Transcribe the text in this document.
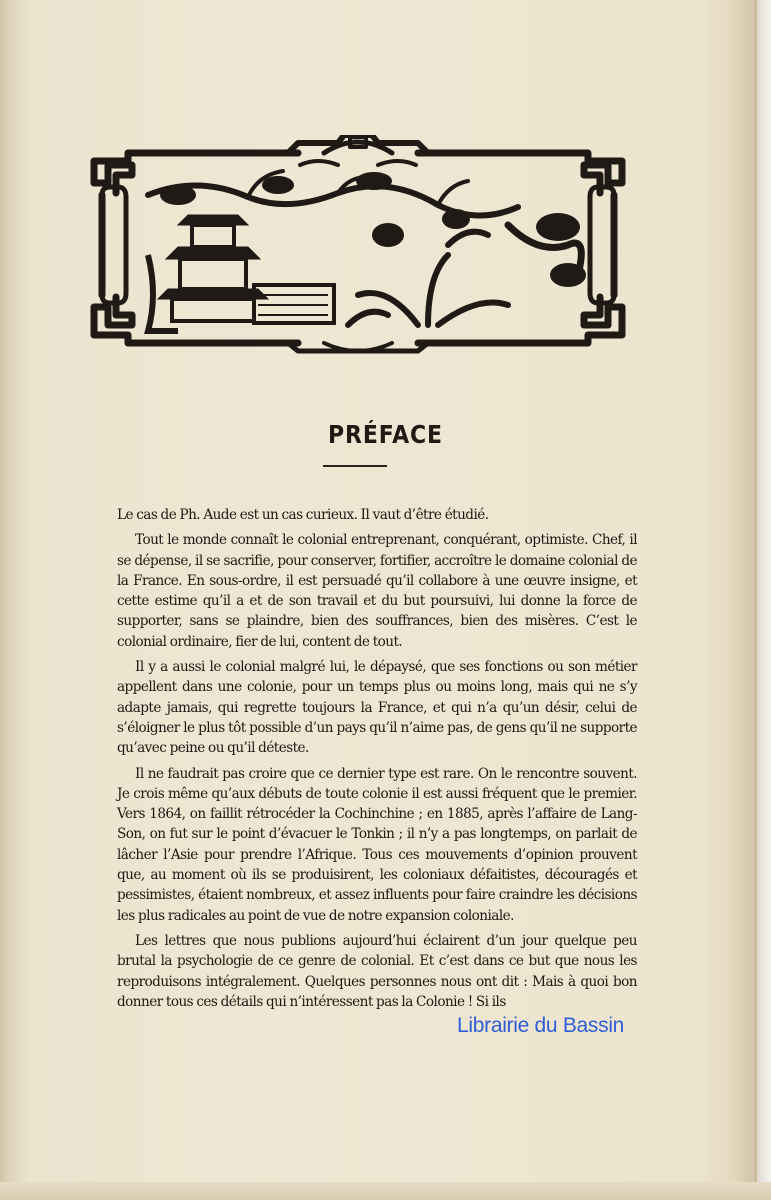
PRÉFACE

Le cas de Ph. Aude est un cas curieux. Il vaut d’être étudié.

Tout le monde connaît le colonial entreprenant, conquérant, optimiste. Chef, il se dépense, il se sacrifie, pour conserver, fortifier, accroître le domaine colonial de la France. En sous-ordre, il est persuadé qu’il collabore à une œuvre insigne, et cette estime qu’il a et de son travail et du but poursuivi, lui donne la force de supporter, sans se plaindre, bien des souffrances, bien des misères. C’est le colonial ordinaire, fier de lui, content de tout.

Il y a aussi le colonial malgré lui, le dépaysé, que ses fonctions ou son métier appellent dans une colonie, pour un temps plus ou moins long, mais qui ne s’y adapte jamais, qui regrette toujours la France, et qui n’a qu’un désir, celui de s’éloigner le plus tôt possible d’un pays qu’il n’aime pas, de gens qu’il ne supporte qu’avec peine ou qu’il déteste.

Il ne faudrait pas croire que ce dernier type est rare. On le rencontre souvent. Je crois même qu’aux débuts de toute colonie il est aussi fréquent que le premier. Vers 1864, on faillit rétrocéder la Cochinchine ; en 1885, après l’affaire de Lang-Son, on fut sur le point d’évacuer le Tonkin ; il n’y a pas longtemps, on parlait de lâcher l’Asie pour prendre l’Afrique. Tous ces mouvements d’opinion prouvent que, au moment où ils se produisirent, les coloniaux défaitistes, découragés et pessimistes, étaient nombreux, et assez influents pour faire craindre les décisions les plus radicales au point de vue de notre expansion coloniale.

Les lettres que nous publions aujourd’hui éclairent d’un jour quelque peu brutal la psychologie de ce genre de colonial. Et c’est dans ce but que nous les reproduisons intégralement. Quelques personnes nous ont dit : Mais à quoi bon donner tous ces détails qui n’intéressent pas la Colonie ! Si ils

Librairie du Bassin
